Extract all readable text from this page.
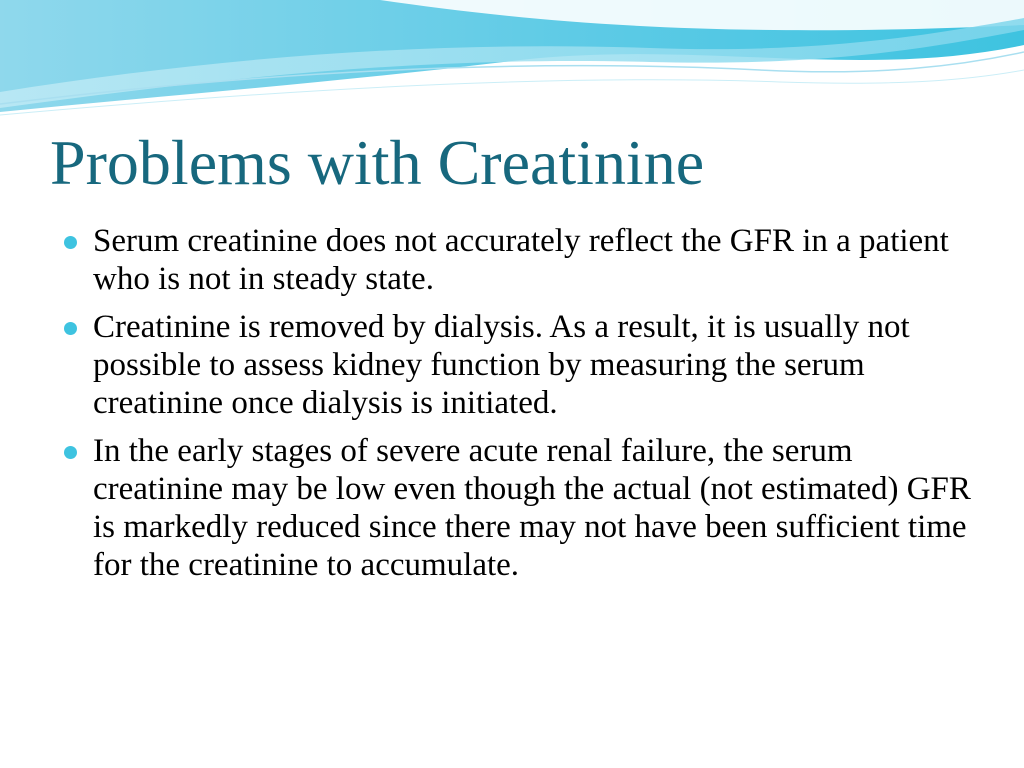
Problems with Creatinine
Serum creatinine does not accurately reflect the GFR in a patient who is not in steady state.
Creatinine is removed by dialysis. As a result, it is usually not possible to assess kidney function by measuring the serum creatinine once dialysis is initiated.
In the early stages of severe acute renal failure, the serum creatinine may be low even though the actual (not estimated) GFR is markedly reduced since there may not have been sufficient time for the creatinine to accumulate.
